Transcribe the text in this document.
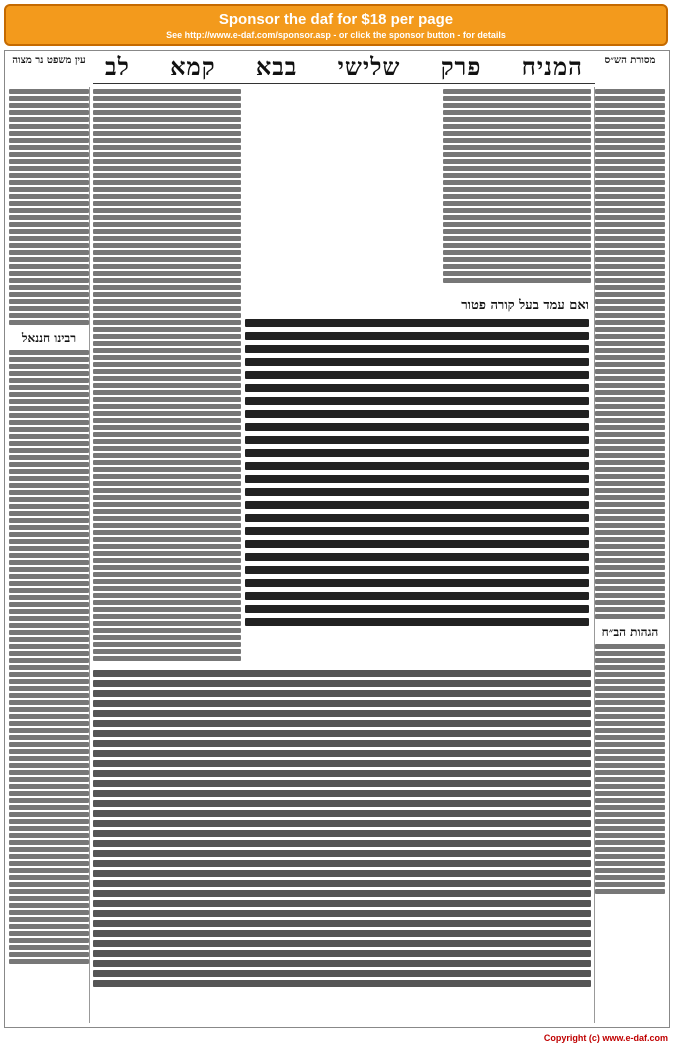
Sponsor the daf for $18 per page
See http://www.e-daf.com/sponsor.asp - or click the sponsor button - for details
עין משפט נר מצוה לב קמא בבא שלישי פרק המניח	מסורת הש״ס
רבינו חננאל
ואם עמד בעל קורה פטור
הגהות הב״ח
Copyright (c) www.e-daf.com
